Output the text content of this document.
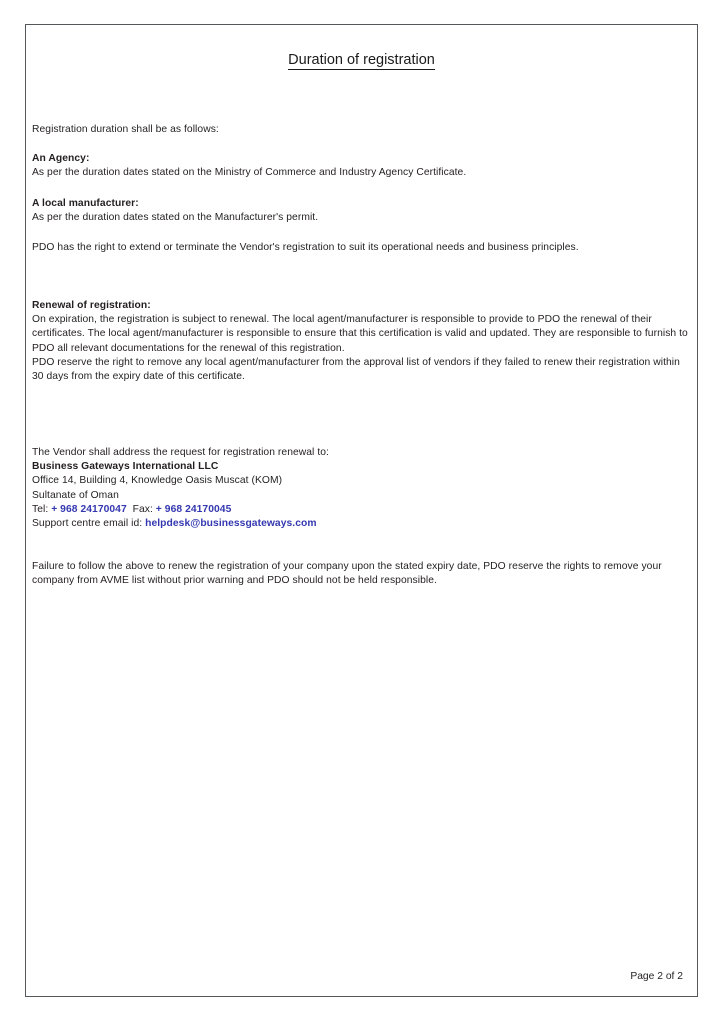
Duration of registration

Registration duration shall be as follows:

An Agency:

As per the duration dates stated on the Ministry of Commerce and Industry Agency Certificate.

A local manufacturer:

As per the duration dates stated on the Manufacturer's permit.

PDO has the right to extend or terminate the Vendor's registration to suit its operational needs and business principles.

Renewal of registration:

On expiration, the registration is subject to renewal. The local agent/manufacturer is responsible to provide to PDO the renewal of their certificates. The local agent/manufacturer is responsible to ensure that this certification is valid and updated. They are responsible to furnish to PDO all relevant documentations for the renewal of this registration.

PDO reserve the right to remove any local agent/manufacturer from the approval list of vendors if they failed to renew their registration within 30 days from the expiry date of this certificate.

The Vendor shall address the request for registration renewal to:

Business Gateways International LLC

Office 14, Building 4, Knowledge Oasis Muscat (KOM)

Sultanate of Oman

Tel: + 968 24170047 Fax: + 968 24170045

Support centre email id: helpdesk@businessgateways.com

Failure to follow the above to renew the registration of your company upon the stated expiry date, PDO reserve the rights to remove your company from AVME list without prior warning and PDO should not be held responsible.

Page 2 of 2
